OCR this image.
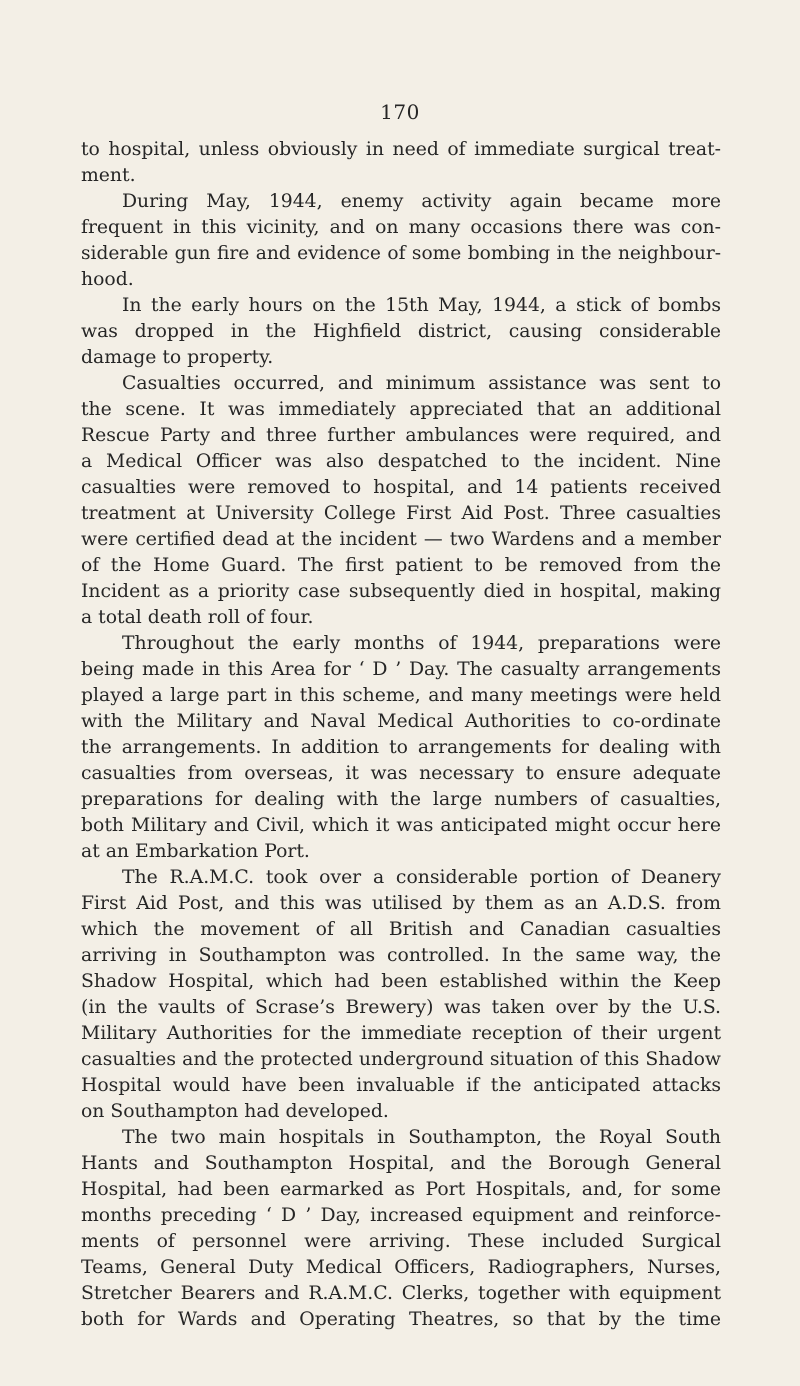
170
to hospital, unless obviously in need of immediate surgical treat-
ment.
During May, 1944, enemy activity again became more
frequent in this vicinity, and on many occasions there was con-
siderable gun fire and evidence of some bombing in the neighbour-
hood.
In the early hours on the 15th May, 1944, a stick of bombs
was dropped in the Highfield district, causing considerable
damage to property.
Casualties occurred, and minimum assistance was sent to
the scene. It was immediately appreciated that an additional
Rescue Party and three further ambulances were required, and
a Medical Officer was also despatched to the incident. Nine
casualties were removed to hospital, and 14 patients received
treatment at University College First Aid Post. Three casualties
were certified dead at the incident — two Wardens and a member
of the Home Guard. The first patient to be removed from the
Incident as a priority case subsequently died in hospital, making
a total death roll of four.
Throughout the early months of 1944, preparations were
being made in this Area for ‘ D ’ Day. The casualty arrangements
played a large part in this scheme, and many meetings were held
with the Military and Naval Medical Authorities to co-ordinate
the arrangements. In addition to arrangements for dealing with
casualties from overseas, it was necessary to ensure adequate
preparations for dealing with the large numbers of casualties,
both Military and Civil, which it was anticipated might occur here
at an Embarkation Port.
The R.A.M.C. took over a considerable portion of Deanery
First Aid Post, and this was utilised by them as an A.D.S. from
which the movement of all British and Canadian casualties
arriving in Southampton was controlled. In the same way, the
Shadow Hospital, which had been established within the Keep
(in the vaults of Scrase’s Brewery) was taken over by the U.S.
Military Authorities for the immediate reception of their urgent
casualties and the protected underground situation of this Shadow
Hospital would have been invaluable if the anticipated attacks
on Southampton had developed.
The two main hospitals in Southampton, the Royal South
Hants and Southampton Hospital, and the Borough General
Hospital, had been earmarked as Port Hospitals, and, for some
months preceding ‘ D ’ Day, increased equipment and reinforce-
ments of personnel were arriving. These included Surgical
Teams, General Duty Medical Officers, Radiographers, Nurses,
Stretcher Bearers and R.A.M.C. Clerks, together with equipment
both for Wards and Operating Theatres, so that by the time
